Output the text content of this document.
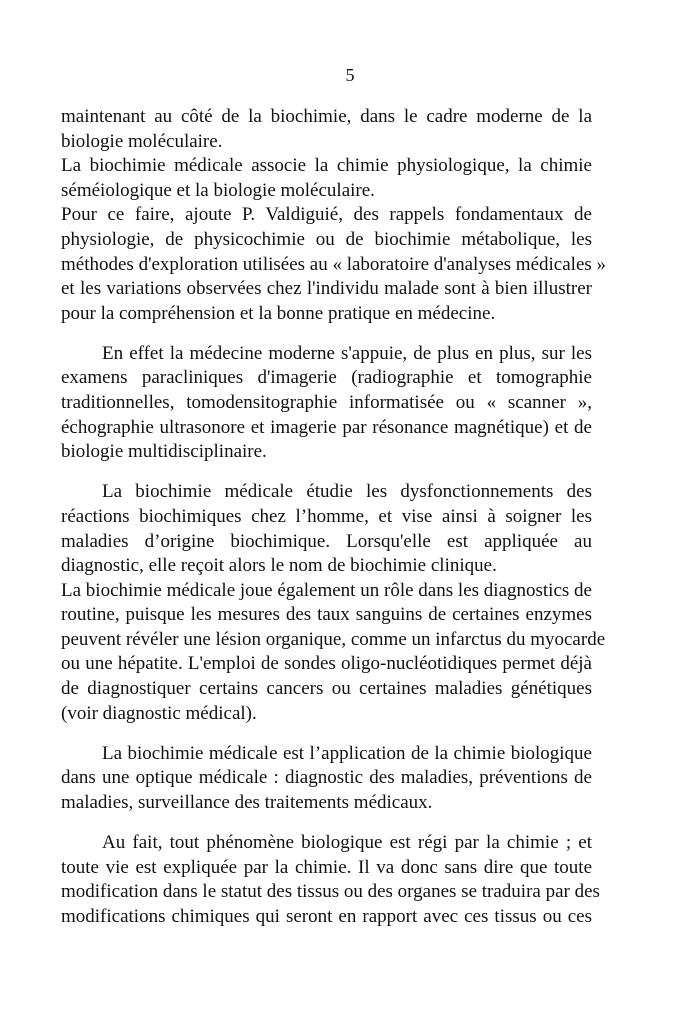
5
maintenant au côté de la biochimie, dans le cadre moderne de la
biologie moléculaire.
La biochimie médicale associe la chimie physiologique, la chimie
séméiologique et la biologie moléculaire.
Pour ce faire, ajoute P. Valdiguié, des rappels fondamentaux de
physiologie, de physicochimie ou de biochimie métabolique, les
méthodes d'exploration utilisées au « laboratoire d'analyses médicales »
et les variations observées chez l'individu malade sont à bien illustrer
pour la compréhension et la bonne pratique en médecine.
En effet la médecine moderne s'appuie, de plus en plus, sur les
examens paracliniques d'imagerie (radiographie et tomographie
traditionnelles, tomodensitographie informatisée ou « scanner »,
échographie ultrasonore et imagerie par résonance magnétique) et de
biologie multidisciplinaire.
La biochimie médicale étudie les dysfonctionnements des
réactions biochimiques chez l’homme, et vise ainsi à soigner les
maladies d’origine biochimique. Lorsqu'elle est appliquée au
diagnostic, elle reçoit alors le nom de biochimie clinique.
La biochimie médicale joue également un rôle dans les diagnostics de
routine, puisque les mesures des taux sanguins de certaines enzymes
peuvent révéler une lésion organique, comme un infarctus du myocarde
ou une hépatite. L'emploi de sondes oligo-nucléotidiques permet déjà
de diagnostiquer certains cancers ou certaines maladies génétiques
(voir diagnostic médical).
La biochimie médicale est l’application de la chimie biologique
dans une optique médicale : diagnostic des maladies, préventions de
maladies, surveillance des traitements médicaux.
Au fait, tout phénomène biologique est régi par la chimie ; et
toute vie est expliquée par la chimie. Il va donc sans dire que toute
modification dans le statut des tissus ou des organes se traduira par des
modifications chimiques qui seront en rapport avec ces tissus ou ces
